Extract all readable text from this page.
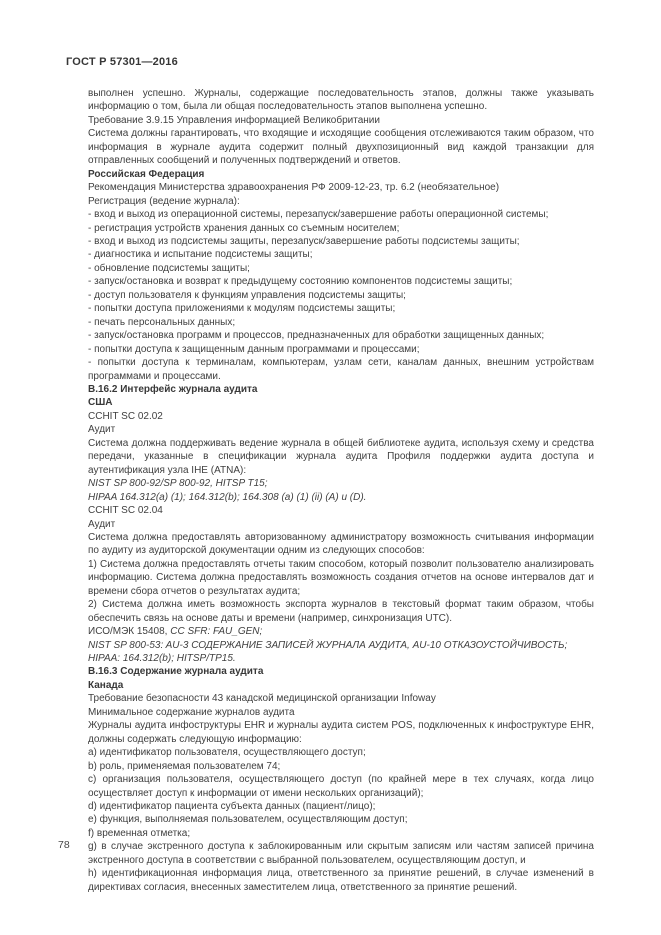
ГОСТ Р 57301—2016

выполнен успешно. Журналы, содержащие последовательность этапов, должны также указывать информацию о том, была ли общая последовательность этапов выполнена успешно.

Требование 3.9.15 Управления информацией Великобритании

Система должны гарантировать, что входящие и исходящие сообщения отслеживаются таким образом, что информация в журнале аудита содержит полный двухпозиционный вид каждой транзакции для отправленных сообщений и полученных подтверждений и ответов.

Российская Федерация

Рекомендация Министерства здравоохранения РФ 2009-12-23, тр. 6.2 (необязательное)

Регистрация (ведение журнала):

- вход и выход из операционной системы, перезапуск/завершение работы операционной системы;

- регистрация устройств хранения данных со съемным носителем;

- вход и выход из подсистемы защиты, перезапуск/завершение работы подсистемы защиты;

- диагностика и испытание подсистемы защиты;

- обновление подсистемы защиты;

- запуск/остановка и возврат к предыдущему состоянию компонентов подсистемы защиты;

- доступ пользователя к функциям управления подсистемы защиты;

- попытки доступа приложениями к модулям подсистемы защиты;

- печать персональных данных;

- запуск/остановка программ и процессов, предназначенных для обработки защищенных данных;

- попытки доступа к защищенным данным программами и процессами;

- попытки доступа к терминалам, компьютерам, узлам сети, каналам данных, внешним устройствам программами и процессами.

В.16.2 Интерфейс журнала аудита

США

CCHIT SC 02.02

Аудит

Система должна поддерживать ведение журнала в общей библиотеке аудита, используя схему и средства передачи, указанные в спецификации журнала аудита Профиля поддержки аудита доступа и аутентификация узла IHE (ATNA):

NIST SP 800-92/SP 800-92, HITSP T15;

HIPAA 164.312(a) (1); 164.312(b); 164.308 (a) (1) (ii) (A) и (D).

CCHIT SC 02.04

Аудит

Система должна предоставлять авторизованному администратору возможность считывания информации по аудиту из аудиторской документации одним из следующих способов:

1) Система должна предоставлять отчеты таким способом, который позволит пользователю анализировать информацию. Система должна предоставлять возможность создания отчетов на основе интервалов дат и времени сбора отчетов о результатах аудита;

2) Система должна иметь возможность экспорта журналов в текстовый формат таким образом, чтобы обеспечить связь на основе даты и времени (например, синхронизация UTC).

ИСО/МЭК 15408, CC SFR: FAU_GEN;

NIST SP 800-53: AU-3 СОДЕРЖАНИЕ ЗАПИСЕЙ ЖУРНАЛА АУДИТА, AU-10 ОТКАЗОУСТОЙЧИВОСТЬ;

HIPAA: 164.312(b); HITSP/TP15.

В.16.3 Содержание журнала аудита

Канада

Требование безопасности 43 канадской медицинской организации Infoway

Минимальное содержание журналов аудита

Журналы аудита инфоструктуры EHR и журналы аудита систем POS, подключенных к инфоструктуре EHR, должны содержать следующую информацию:

a) идентификатор пользователя, осуществляющего доступ;

b) роль, применяемая пользователем 74;

c) организация пользователя, осуществляющего доступ (по крайней мере в тех случаях, когда лицо осуществляет доступ к информации от имени нескольких организаций);

d) идентификатор пациента субъекта данных (пациент/лицо);

e) функция, выполняемая пользователем, осуществляющим доступ;

f) временная отметка;

g) в случае экстренного доступа к заблокированным или скрытым записям или частям записей причина экстренного доступа в соответствии с выбранной пользователем, осуществляющим доступ, и

h) идентификационная информация лица, ответственного за принятие решений, в случае изменений в директивах согласия, внесенных заместителем лица, ответственного за принятие решений.

78
